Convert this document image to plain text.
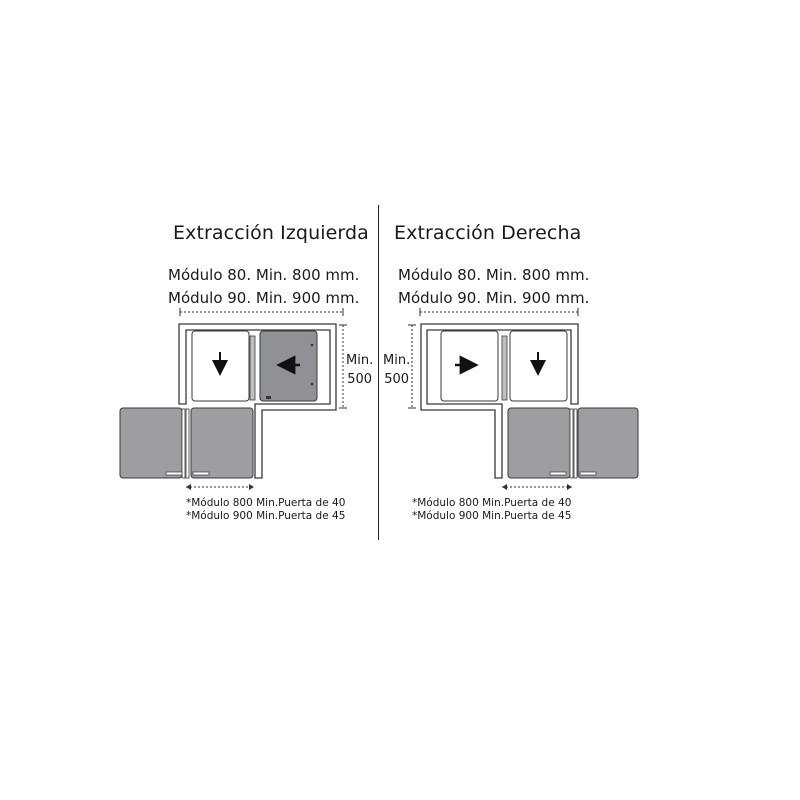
Extracción Izquierda
Módulo 80. Min. 800 mm.
Módulo 90. Min. 900 mm.
Extracción Derecha
Módulo 80. Min. 800 mm.
Módulo 90. Min. 900 mm.
Min.
500
Min.
500
*Módulo 800 Min.Puerta de 40
*Módulo 900 Min.Puerta de 45
*Módulo 800 Min.Puerta de 40
*Módulo 900 Min.Puerta de 45
